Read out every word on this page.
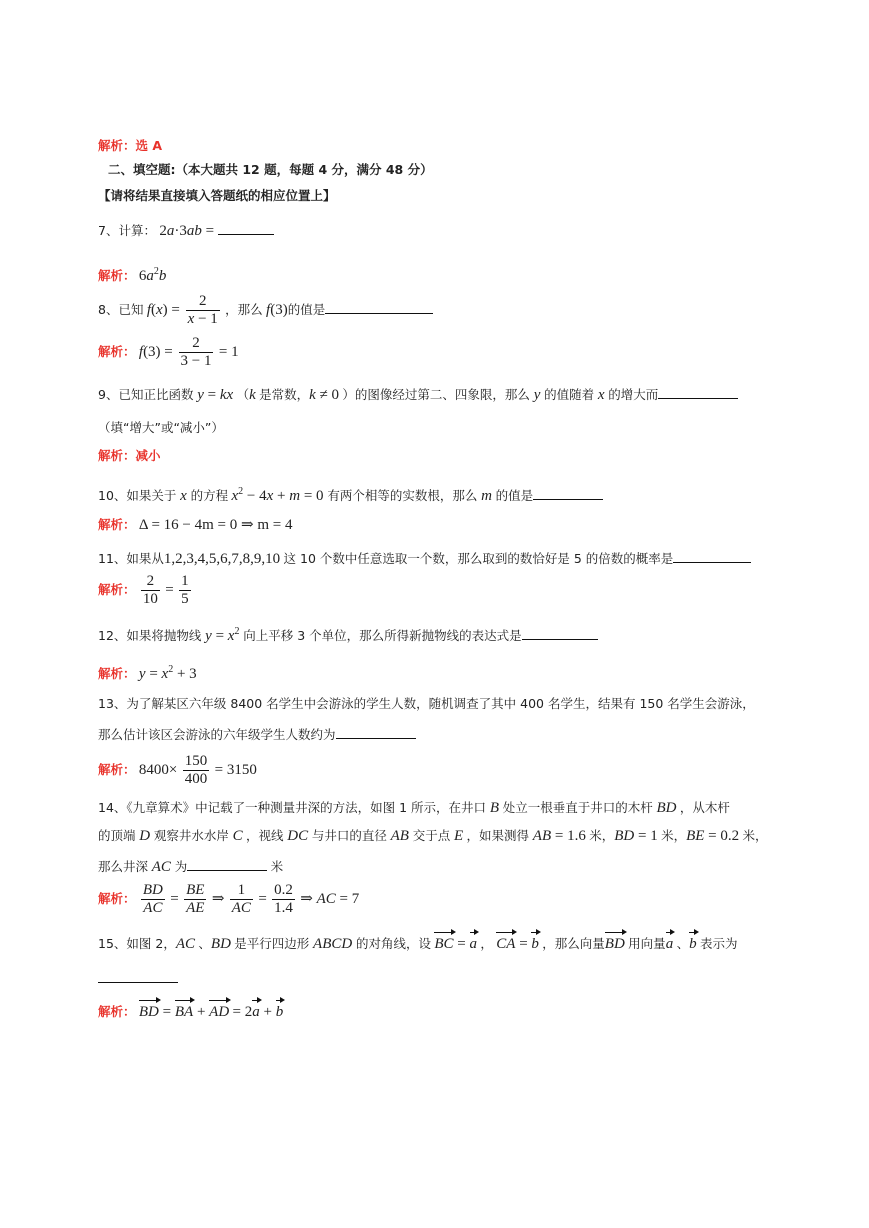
解析：选 A
二、填空题:（本大题共 12 题，每题 4 分，满分 48 分）
【请将结果直接填入答题纸的相应位置上】
7、计算： 2a·3ab =
解析： $6a^2b$
8、已知 $f(x) = \frac{2}{x - 1}$ ，那么 f(3)的值是
解析： $f(3) = \frac{2}{3 - 1} = 1$
9、已知正比函数 y = kx （k 是常数，k ≠ 0 ）的图像经过第二、四象限，那么 y 的值随着 x 的增大而
（填“增大”或“减小”）
解析：减小
10、如果关于 x 的方程 $x^2 - 4x + m = 0$ 有两个相等的实数根，那么 m 的值是
解析： Δ = 16 − 4m = 0 ⇒ m = 4
11、如果从1,2,3,4,5,6,7,8,9,10 这 10 个数中任意选取一个数，那么取到的数恰好是 5 的倍数的概率是
解析： $\frac{2}{10} = \frac{1}{5}$
12、如果将抛物线 $y = x^2$ 向上平移 3 个单位，那么所得新抛物线的表达式是
解析： $y = x^2 + 3$
13、为了解某区六年级 8400 名学生中会游泳的学生人数，随机调查了其中 400 名学生，结果有 150 名学生会游泳，
那么估计该区会游泳的六年级学生人数约为
解析： $8400\times \frac{150}{400} = 3150$
14、《九章算术》中记载了一种测量井深的方法，如图 1 所示，在井口 B 处立一根垂直于井口的木杆 BD ，从木杆
的顶端 D 观察井水水岸 C ，视线 DC 与井口的直径 AB 交于点 E ，如果测得 AB = 1.6 米，BD = 1 米，BE = 0.2 米，
那么井深 AC 为	米
解析： $\frac{BD}{AC} = \frac{BE}{AE}$ ⇒ $\frac{1}{AC} = \frac{0.2}{1.4}$ ⇒ AC = 7
15、如图 2，AC 、BD 是平行四边形 ABCD 的对角线，设 BC = a ， CA = b ，那么向量BD 用向量a 、b 表示为
解析： BD = BA + AD = 2a + b
